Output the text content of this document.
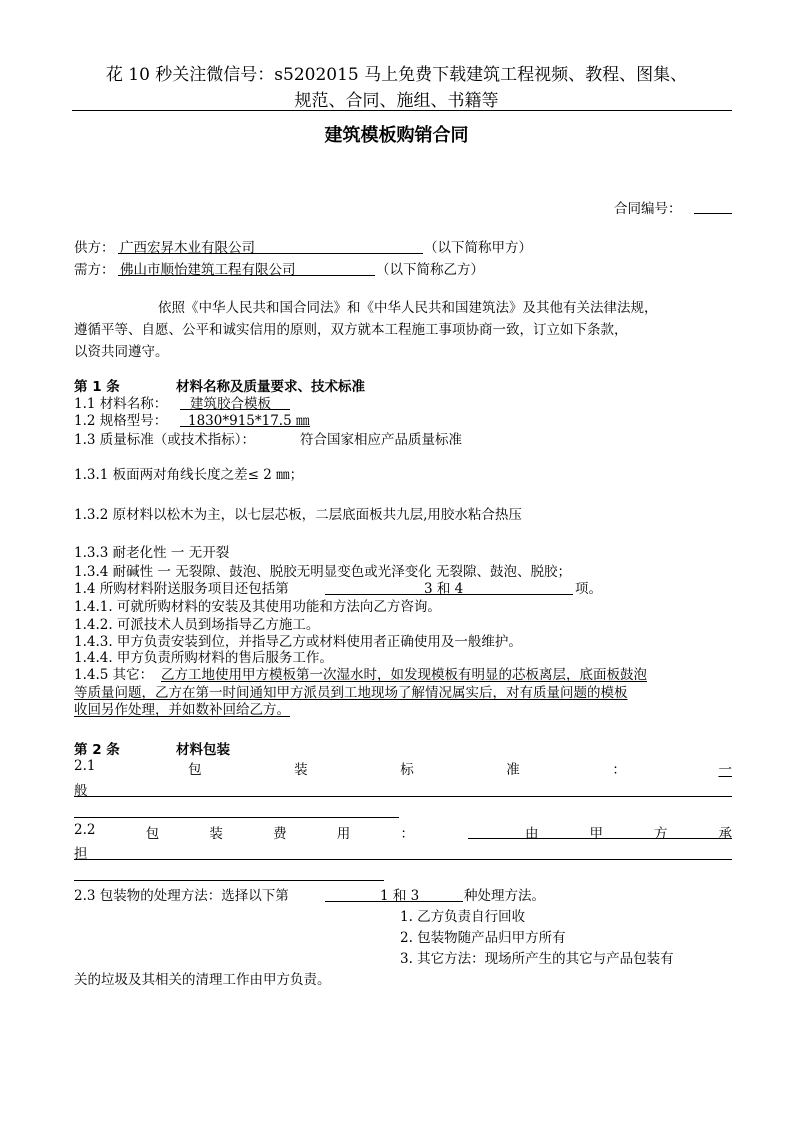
花 10 秒关注微信号：s5202015 马上免费下载建筑工程视频、教程、图集、
规范、合同、施组、书籍等
建筑模板购销合同
合同编号：
供方： 广西宏昇木业有限公司	（以下简称甲方）
需方： 佛山市顺怡建筑工程有限公司	（以下简称乙方）
依照《中华人民共和国合同法》和《中华人民共和国建筑法》及其他有关法律法规，
遵循平等、自愿、公平和诚实信用的原则，双方就本工程施工事项协商一致，订立如下条款，
以资共同遵守。
第 1 条	材料名称及质量要求、技术标准
1.1 材料名称： 建筑胶合模板
1.2 规格型号： 1830*915*17.5 ㎜
1.3 质量标准（或技术指标）：	符合国家相应产品质量标准
1.3.1 板面两对角线长度之差≤ 2 ㎜；
1.3.2 原材料以松木为主，以七层芯板，二层底面板共九层,用胶水粘合热压
1.3.3 耐老化性 一 无开裂
1.3.4 耐碱性 一 无裂隙、鼓泡、脱胶无明显变色或光泽变化 无裂隙、鼓泡、脱胶；
1.4 所购材料附送服务项目还包括第	3 和 4	项。
1.4.1. 可就所购材料的安装及其使用功能和方法向乙方咨询。
1.4.2. 可派技术人员到场指导乙方施工。
1.4.3. 甲方负责安装到位，并指导乙方或材料使用者正确使用及一般维护。
1.4.4. 甲方负责所购材料的售后服务工作。
1.4.5 其它： 乙方工地使用甲方模板第一次湿水时，如发现模板有明显的芯板离层，底面板鼓泡
等质量问题，乙方在第一时间通知甲方派员到工地现场了解情况属实后，对有质量问题的模板
收回另作处理，并如数补回给乙方。
第 2 条	材料包装
2.1	包	装	标	准	：	一
般
2.2	包	装	费	用	：	由	甲	方	承
担
2.3 包装物的处理方法：选择以下第	1 和 3	种处理方法。
1. 乙方负责自行回收
2. 包装物随产品归甲方所有
3. 其它方法：现场所产生的其它与产品包装有
关的垃圾及其相关的清理工作由甲方负责。
